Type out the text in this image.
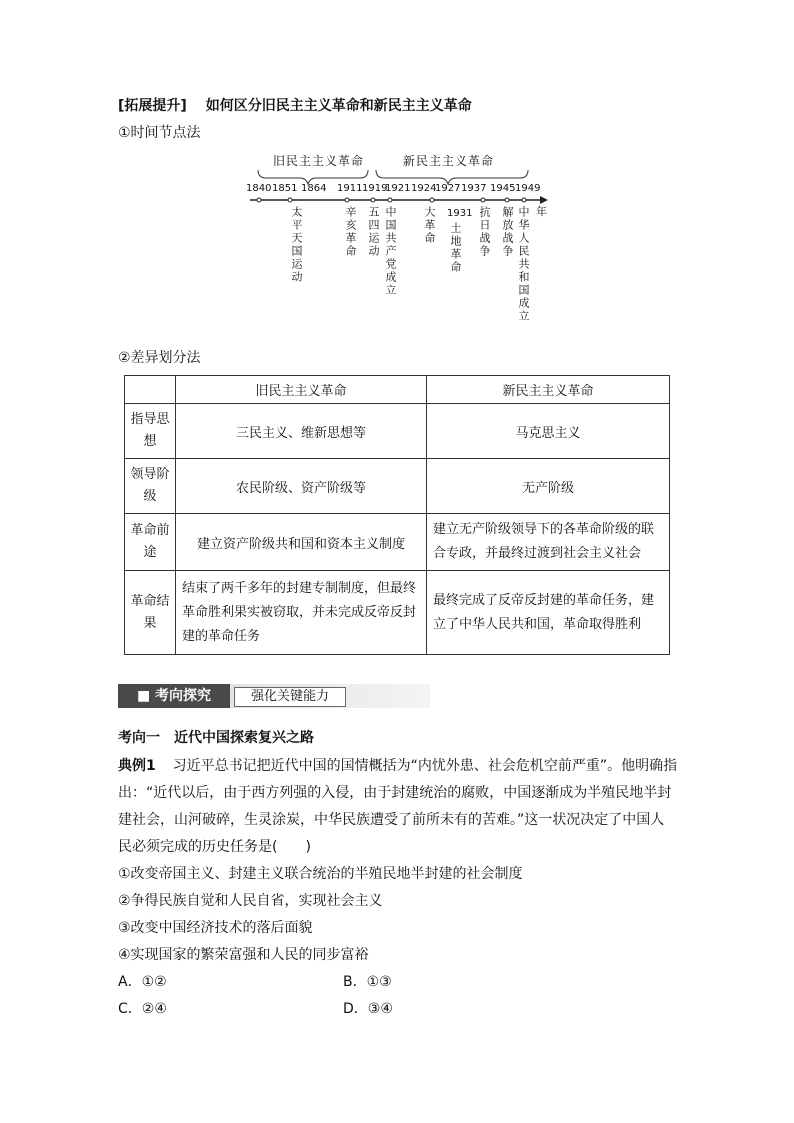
[拓展提升] 如何区分旧民主主义革命和新民主主义革命
①时间节点法
旧民主主义革命	新民主主义革命
1840 1851 1864 1911 1919
1921 1924
1927 1937 1945 1949
年
太平天国运动	辛亥革命 五四运动 中国共产党成立 大革命 1931
土地革命 抗日战争 解放战争 中华人民共和国成立
②差异划分法
	旧民主主义革命	新民主主义革命
指导思想	三民主义、维新思想等	马克思主义
领导阶级	农民阶级、资产阶级等	无产阶级
革命前途	建立资产阶级共和国和资本主义制度	建立无产阶级领导下的各革命阶级的联合专政，并最终过渡到社会主义社会
革命结果	结束了两千多年的封建专制制度，但最终革命胜利果实被窃取，并未完成反帝反封建的革命任务	最终完成了反帝反封建的革命任务，建立了中华人民共和国，革命取得胜利
■ 考向探究	强化关键能力
考向一　近代中国探索复兴之路
典例1 习近平总书记把近代中国的国情概括为“内忧外患、社会危机空前严重”。他明确指
出：“近代以后，由于西方列强的入侵，由于封建统治的腐败，中国逐渐成为半殖民地半封
建社会，山河破碎，生灵涂炭，中华民族遭受了前所未有的苦难。”这一状况决定了中国人
民必须完成的历史任务是(　　)
①改变帝国主义、封建主义联合统治的半殖民地半封建的社会制度
②争得民族自觉和人民自省，实现社会主义
③改变中国经济技术的落后面貌
④实现国家的繁荣富强和人民的同步富裕
A．①②	B．①③
C．②④	D．③④
